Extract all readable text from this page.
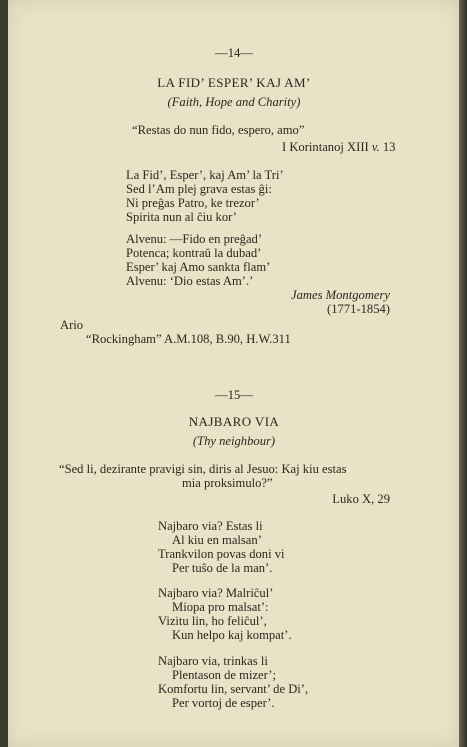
—14—
LA FID’ ESPER’ KAJ AM’
(Faith, Hope and Charity)
“Restas do nun fido, espero, amo”
I Korintanoj XIII v. 13
La Fid’, Esper’, kaj Am’ la Tri’
Sed l’Am plej grava estas ĝi:
Ni preĝas Patro, ke trezor’
Spirita nun al ĉiu kor’
Alvenu: —Fido en preĝad’
Potenca; kontraŭ la dubad’
Esper’ kaj Amo sankta flam’
Alvenu: ‘Dio estas Am’.’
James Montgomery
(1771-1854)
Ario
“Rockingham” A.M.108, B.90, H.W.311
—15—
NAJBARO VIA
(Thy neighbour)
“Sed li, dezirante pravigi sin, diris al Jesuo: Kaj kiu estas
mia proksimulo?”
Luko X, 29
Najbaro via? Estas li
Al kiu en malsan’
Trankvilon povas doni vi
Per tuŝo de la man’.
Najbaro via? Malriĉul’
Miopa pro malsat’:
Vizitu lin, ho feliĉul’,
Kun helpo kaj kompat’.
Najbaro via, trinkas li
Plentason de mizer’;
Komfortu lin, servant’ de Di’,
Per vortoj de esper’.
